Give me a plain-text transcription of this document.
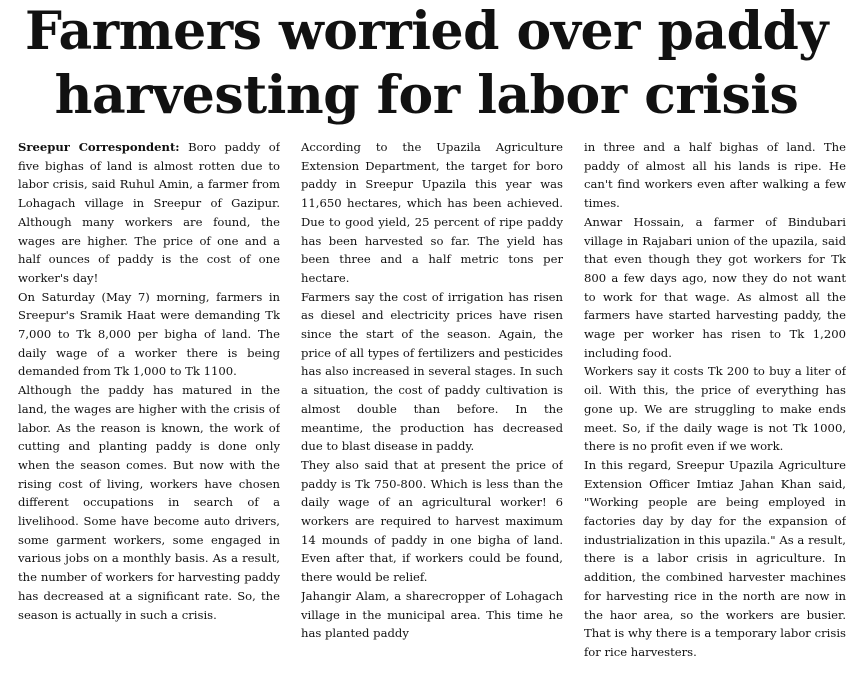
Farmers worried over paddy
harvesting for labor crisis

Sreepur Correspondent: Boro paddy of five bighas of land is almost rotten due to labor crisis, said Ruhul Amin, a farmer from Lohagach village in Sreepur of Gazipur. Although many workers are found, the wages are higher. The price of one and a half ounces of paddy is the cost of one worker's day!

On Saturday (May 7) morning, farmers in Sreepur's Sramik Haat were demanding Tk 7,000 to Tk 8,000 per bigha of land. The daily wage of a worker there is being demanded from Tk 1,000 to Tk 1100.

Although the paddy has matured in the land, the wages are higher with the crisis of labor. As the reason is known, the work of cutting and planting paddy is done only when the season comes. But now with the rising cost of living, workers have chosen different occupations in search of a livelihood. Some have become auto drivers, some garment workers, some engaged in various jobs on a monthly basis. As a result, the number of workers for harvesting paddy has decreased at a significant rate. So, the season is actually in such a crisis.

According to the Upazila Agriculture Extension Department, the target for boro paddy in Sreepur Upazila this year was 11,650 hectares, which has been achieved. Due to good yield, 25 percent of ripe paddy has been harvested so far. The yield has been three and a half metric tons per hectare.

Farmers say the cost of irrigation has risen as diesel and electricity prices have risen since the start of the season. Again, the price of all types of fertilizers and pesticides has also increased in several stages. In such a situation, the cost of paddy cultivation is almost double than before. In the meantime, the production has decreased due to blast disease in paddy.

They also said that at present the price of paddy is Tk 750-800. Which is less than the daily wage of an agricultural worker! 6 workers are required to harvest maximum 14 mounds of paddy in one bigha of land. Even after that, if workers could be found, there would be relief.

Jahangir Alam, a sharecropper of Lohagach village in the municipal area. This time he has planted paddy

in three and a half bighas of land. The paddy of almost all his lands is ripe. He can't find workers even after walking a few times.

Anwar Hossain, a farmer of Bindubari village in Rajabari union of the upazila, said that even though they got workers for Tk 800 a few days ago, now they do not want to work for that wage. As almost all the farmers have started harvesting paddy, the wage per worker has risen to Tk 1,200 including food.

Workers say it costs Tk 200 to buy a liter of oil. With this, the price of everything has gone up. We are struggling to make ends meet. So, if the daily wage is not Tk 1000, there is no profit even if we work.

In this regard, Sreepur Upazila Agriculture Extension Officer Imtiaz Jahan Khan said, "Working people are being employed in factories day by day for the expansion of industrialization in this upazila." As a result, there is a labor crisis in agriculture. In addition, the combined harvester machines for harvesting rice in the north are now in the haor area, so the workers are busier. That is why there is a temporary labor crisis for rice harvesters.
